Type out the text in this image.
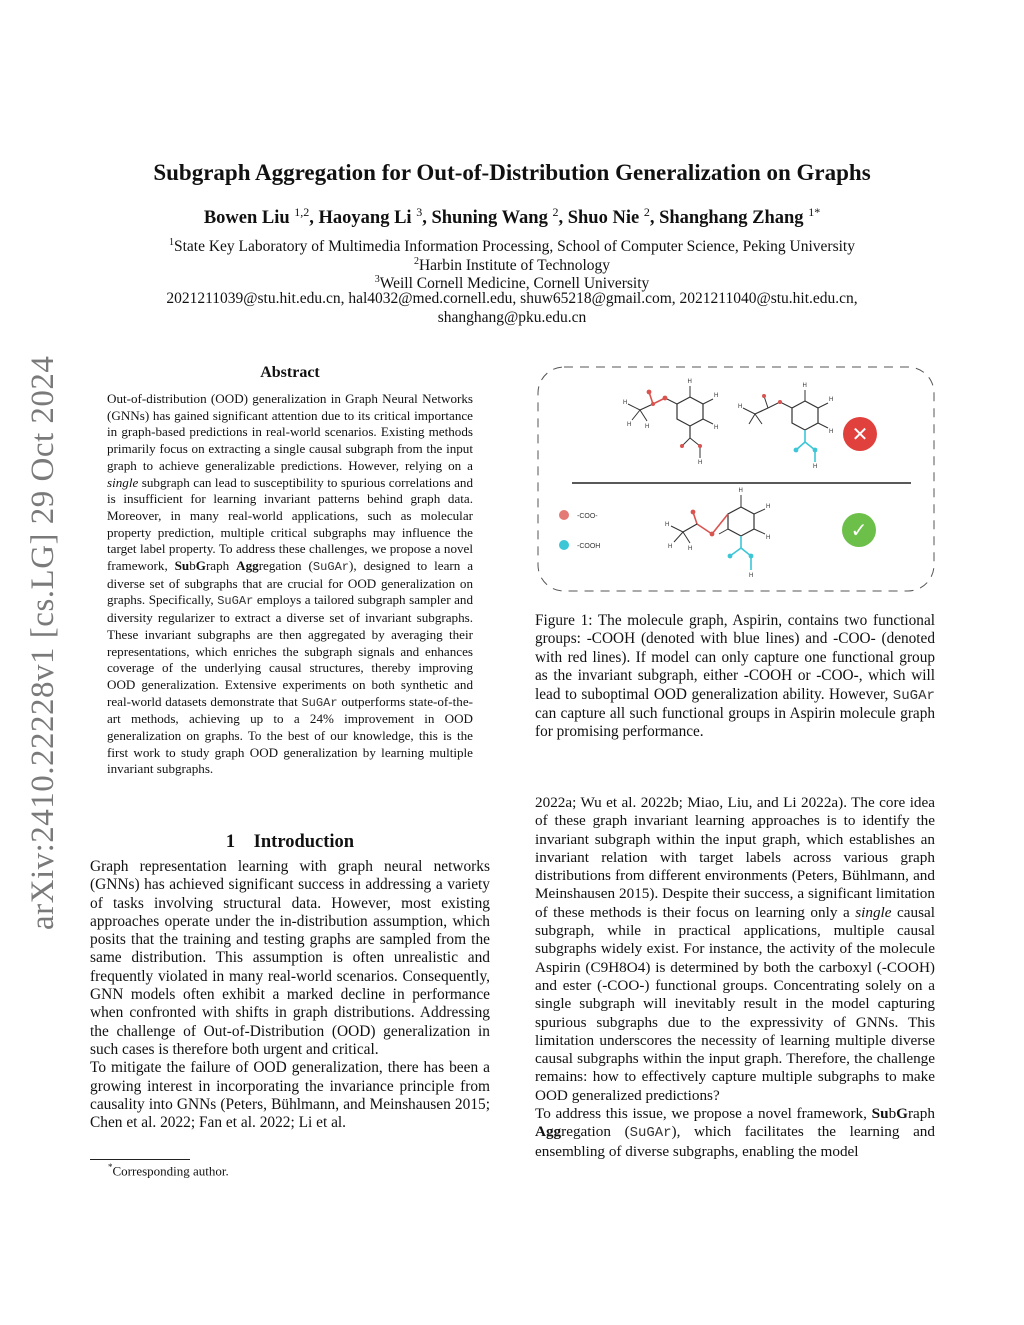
arXiv:2410.22228v1 [cs.LG] 29 Oct 2024
Subgraph Aggregation for Out-of-Distribution Generalization on Graphs
Bowen Liu $^{1,2}$, Haoyang Li $^3$, Shuning Wang $^2$, Shuo Nie $^2$, Shanghang Zhang $^{1*}$
$^1$State Key Laboratory of Multimedia Information Processing, School of Computer Science, Peking University
$^2$Harbin Institute of Technology
$^3$Weill Cornell Medicine, Cornell University
2021211039@stu.hit.edu.cn, hal4032@med.cornell.edu, shuw65218@gmail.com, 2021211040@stu.hit.edu.cn,
shanghang@pku.edu.cn
Abstract
Out-of-distribution (OOD) generalization in Graph Neural Networks (GNNs) has gained significant attention due to its critical importance in graph-based predictions in real-world scenarios. Existing methods primarily focus on extracting a single causal subgraph from the input graph to achieve generalizable predictions. However, relying on a single subgraph can lead to susceptibility to spurious correlations and is insufficient for learning invariant patterns behind graph data. Moreover, in many real-world applications, such as molecular property prediction, multiple critical subgraphs may influence the target label property. To address these challenges, we propose a novel framework, SubGraph Aggregation (SuGAr), designed to learn a diverse set of subgraphs that are crucial for OOD generalization on graphs. Specifically, SuGAr employs a tailored subgraph sampler and diversity regularizer to extract a diverse set of invariant subgraphs. These invariant subgraphs are then aggregated by averaging their representations, which enriches the subgraph signals and enhances coverage of the underlying causal structures, thereby improving OOD generalization. Extensive experiments on both synthetic and real-world datasets demonstrate that SuGAr outperforms state-of-the-art methods, achieving up to a 24% improvement in OOD generalization on graphs. To the best of our knowledge, this is the first work to study graph OOD generalization by learning multiple invariant subgraphs.
1 Introduction

Graph representation learning with graph neural networks (GNNs) has achieved significant success in addressing a variety of tasks involving structural data. However, most existing approaches operate under the in-distribution assumption, which posits that the training and testing graphs are sampled from the same distribution. This assumption is often unrealistic and frequently violated in many real-world scenarios. Consequently, GNN models often exhibit a marked decline in performance when confronted with shifts in graph distributions. Addressing the challenge of Out-of-Distribution (OOD) generalization in such cases is therefore both urgent and critical.

To mitigate the failure of OOD generalization, there has been a growing interest in incorporating the invariance principle from causality into GNNs (Peters, Bühlmann, and Meinshausen 2015; Chen et al. 2022; Fan et al. 2022; Li et al.

*Corresponding author.
H
H
H
H
H
H H
H
H
H
H
H
✕
-COO-
-COOH
H
H
H
H
H
H	H
✓
Figure 1: The molecule graph, Aspirin, contains two functional groups: -COOH (denoted with blue lines) and -COO- (denoted with red lines). If model can only capture one functional group as the invariant subgraph, either -COOH or -COO-, which will lead to suboptimal OOD generalization ability. However, SuGAr can capture all such functional groups in Aspirin molecule graph for promising performance.

2022a; Wu et al. 2022b; Miao, Liu, and Li 2022a). The core idea of these graph invariant learning approaches is to identify the invariant subgraph within the input graph, which establishes an invariant relation with target labels across various graph distributions from different environments (Peters, Bühlmann, and Meinshausen 2015). Despite their success, a significant limitation of these methods is their focus on learning only a single causal subgraph, while in practical applications, multiple causal subgraphs widely exist. For instance, the activity of the molecule Aspirin (C9H8O4) is determined by both the carboxyl (-COOH) and ester (-COO-) functional groups. Concentrating solely on a single subgraph will inevitably result in the model capturing spurious subgraphs due to the expressivity of GNNs. This limitation underscores the necessity of learning multiple diverse causal subgraphs within the input graph. Therefore, the challenge remains: how to effectively capture multiple subgraphs to make OOD generalized predictions?

To address this issue, we propose a novel framework, SubGraph Aggregation (SuGAr), which facilitates the learning and ensembling of diverse subgraphs, enabling the model
